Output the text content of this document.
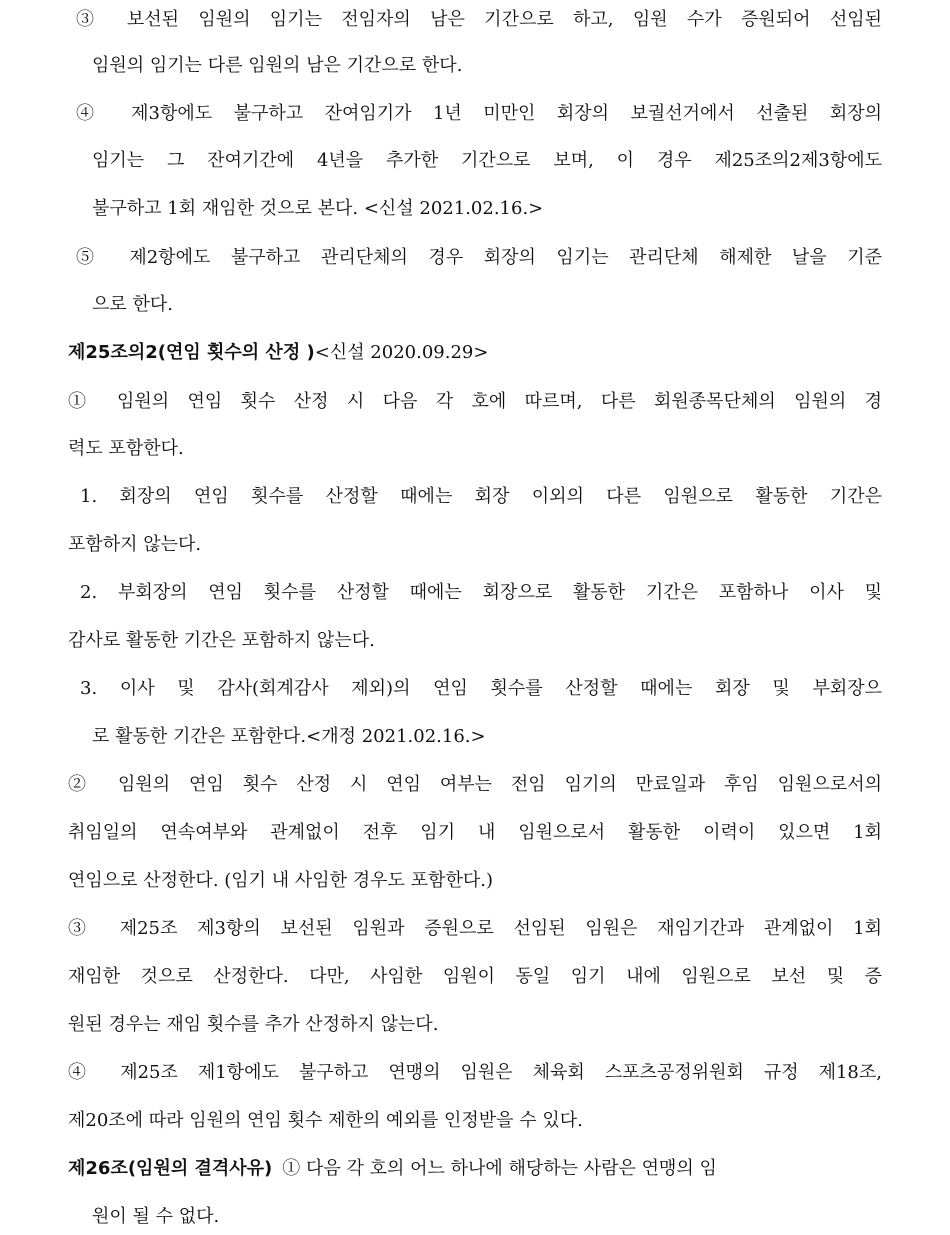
③ 보선된 임원의 임기는 전임자의 남은 기간으로 하고, 임원 수가 증원되어 선임된
임원의 임기는 다른 임원의 남은 기간으로 한다.
④ 제3항에도 불구하고 잔여임기가 1년 미만인 회장의 보궐선거에서 선출된 회장의
임기는 그 잔여기간에 4년을 추가한 기간으로 보며, 이 경우 제25조의2제3항에도
불구하고 1회 재임한 것으로 본다. <신설 2021.02.16.>
⑤ 제2항에도 불구하고 관리단체의 경우 회장의 임기는 관리단체 해제한 날을 기준
으로 한다.
제25조의2(연임 횟수의 산정 )<신설 2020.09.29>
① 임원의 연임 횟수 산정 시 다음 각 호에 따르며, 다른 회원종목단체의 임원의 경
력도 포함한다.
1. 회장의 연임 횟수를 산정할 때에는 회장 이외의 다른 임원으로 활동한 기간은
포함하지 않는다.
2. 부회장의 연임 횟수를 산정할 때에는 회장으로 활동한 기간은 포함하나 이사 및
감사로 활동한 기간은 포함하지 않는다.
3. 이사 및 감사(회계감사 제외)의 연임 횟수를 산정할 때에는 회장 및 부회장으
로 활동한 기간은 포함한다.<개정 2021.02.16.>
② 임원의 연임 횟수 산정 시 연임 여부는 전임 임기의 만료일과 후임 임원으로서의
취임일의 연속여부와 관계없이 전후 임기 내 임원으로서 활동한 이력이 있으면 1회
연임으로 산정한다. (임기 내 사임한 경우도 포함한다.)
③ 제25조 제3항의 보선된 임원과 증원으로 선임된 임원은 재임기간과 관계없이 1회
재임한 것으로 산정한다. 다만, 사임한 임원이 동일 임기 내에 임원으로 보선 및 증
원된 경우는 재임 횟수를 추가 산정하지 않는다.
④ 제25조 제1항에도 불구하고 연맹의 임원은 체육회 스포츠공정위원회 규정 제18조,
제20조에 따라 임원의 연임 횟수 제한의 예외를 인정받을 수 있다.
제26조(임원의 결격사유) ① 다음 각 호의 어느 하나에 해당하는 사람은 연맹의 임
원이 될 수 없다.
